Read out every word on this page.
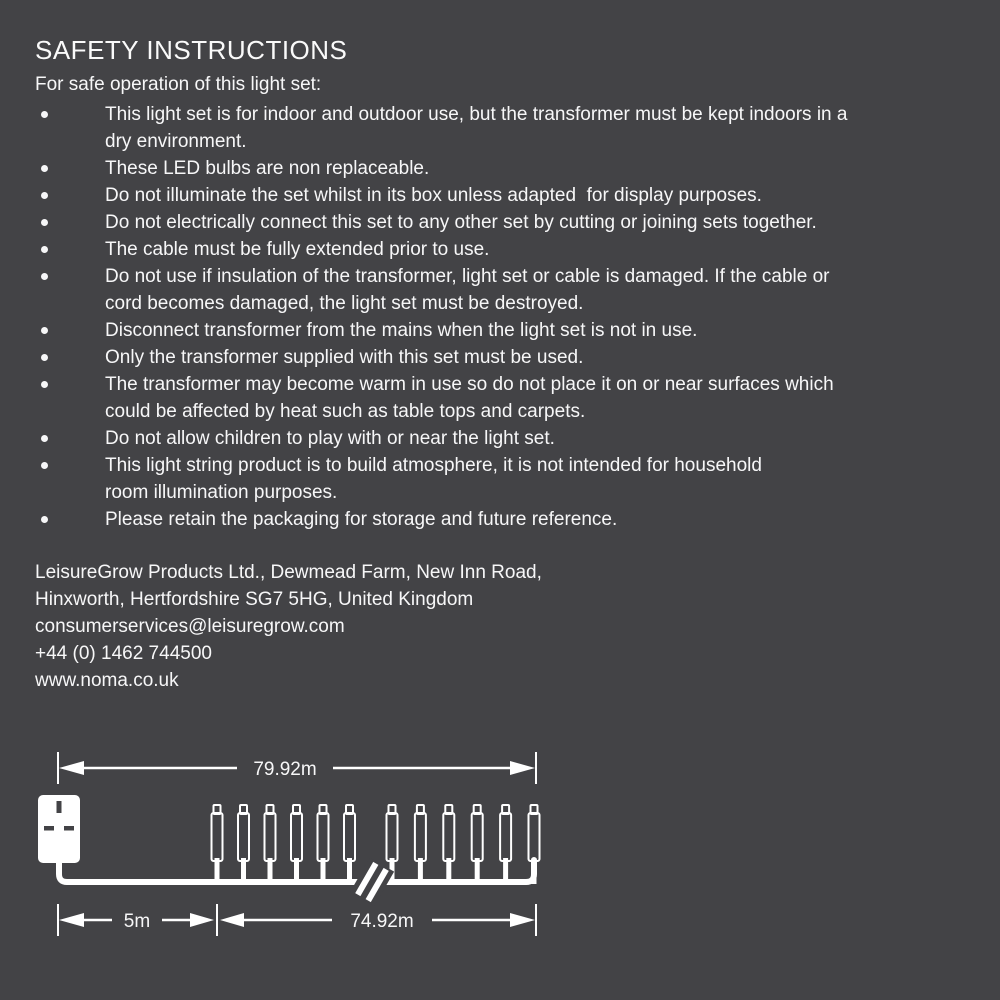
SAFETY INSTRUCTIONS

For safe operation of this light set:

This light set is for indoor and outdoor use, but the transformer must be kept indoors in a
dry environment.
These LED bulbs are non replaceable.
Do not illuminate the set whilst in its box unless adapted  for display purposes.
Do not electrically connect this set to any other set by cutting or joining sets together.
The cable must be fully extended prior to use.
Do not use if insulation of the transformer, light set or cable is damaged. If the cable or
cord becomes damaged, the light set must be destroyed.
Disconnect transformer from the mains when the light set is not in use.
Only the transformer supplied with this set must be used.
The transformer may become warm in use so do not place it on or near surfaces which
could be affected by heat such as table tops and carpets.
Do not allow children to play with or near the light set.
This light string product is to build atmosphere, it is not intended for household
room illumination purposes.
Please retain the packaging for storage and future reference.
LeisureGrow Products Ltd., Dewmead Farm, New Inn Road,
Hinxworth, Hertfordshire SG7 5HG, United Kingdom
consumerservices@leisuregrow.com
+44 (0) 1462 744500
www.noma.co.uk
79.92m
5m	74.92m
